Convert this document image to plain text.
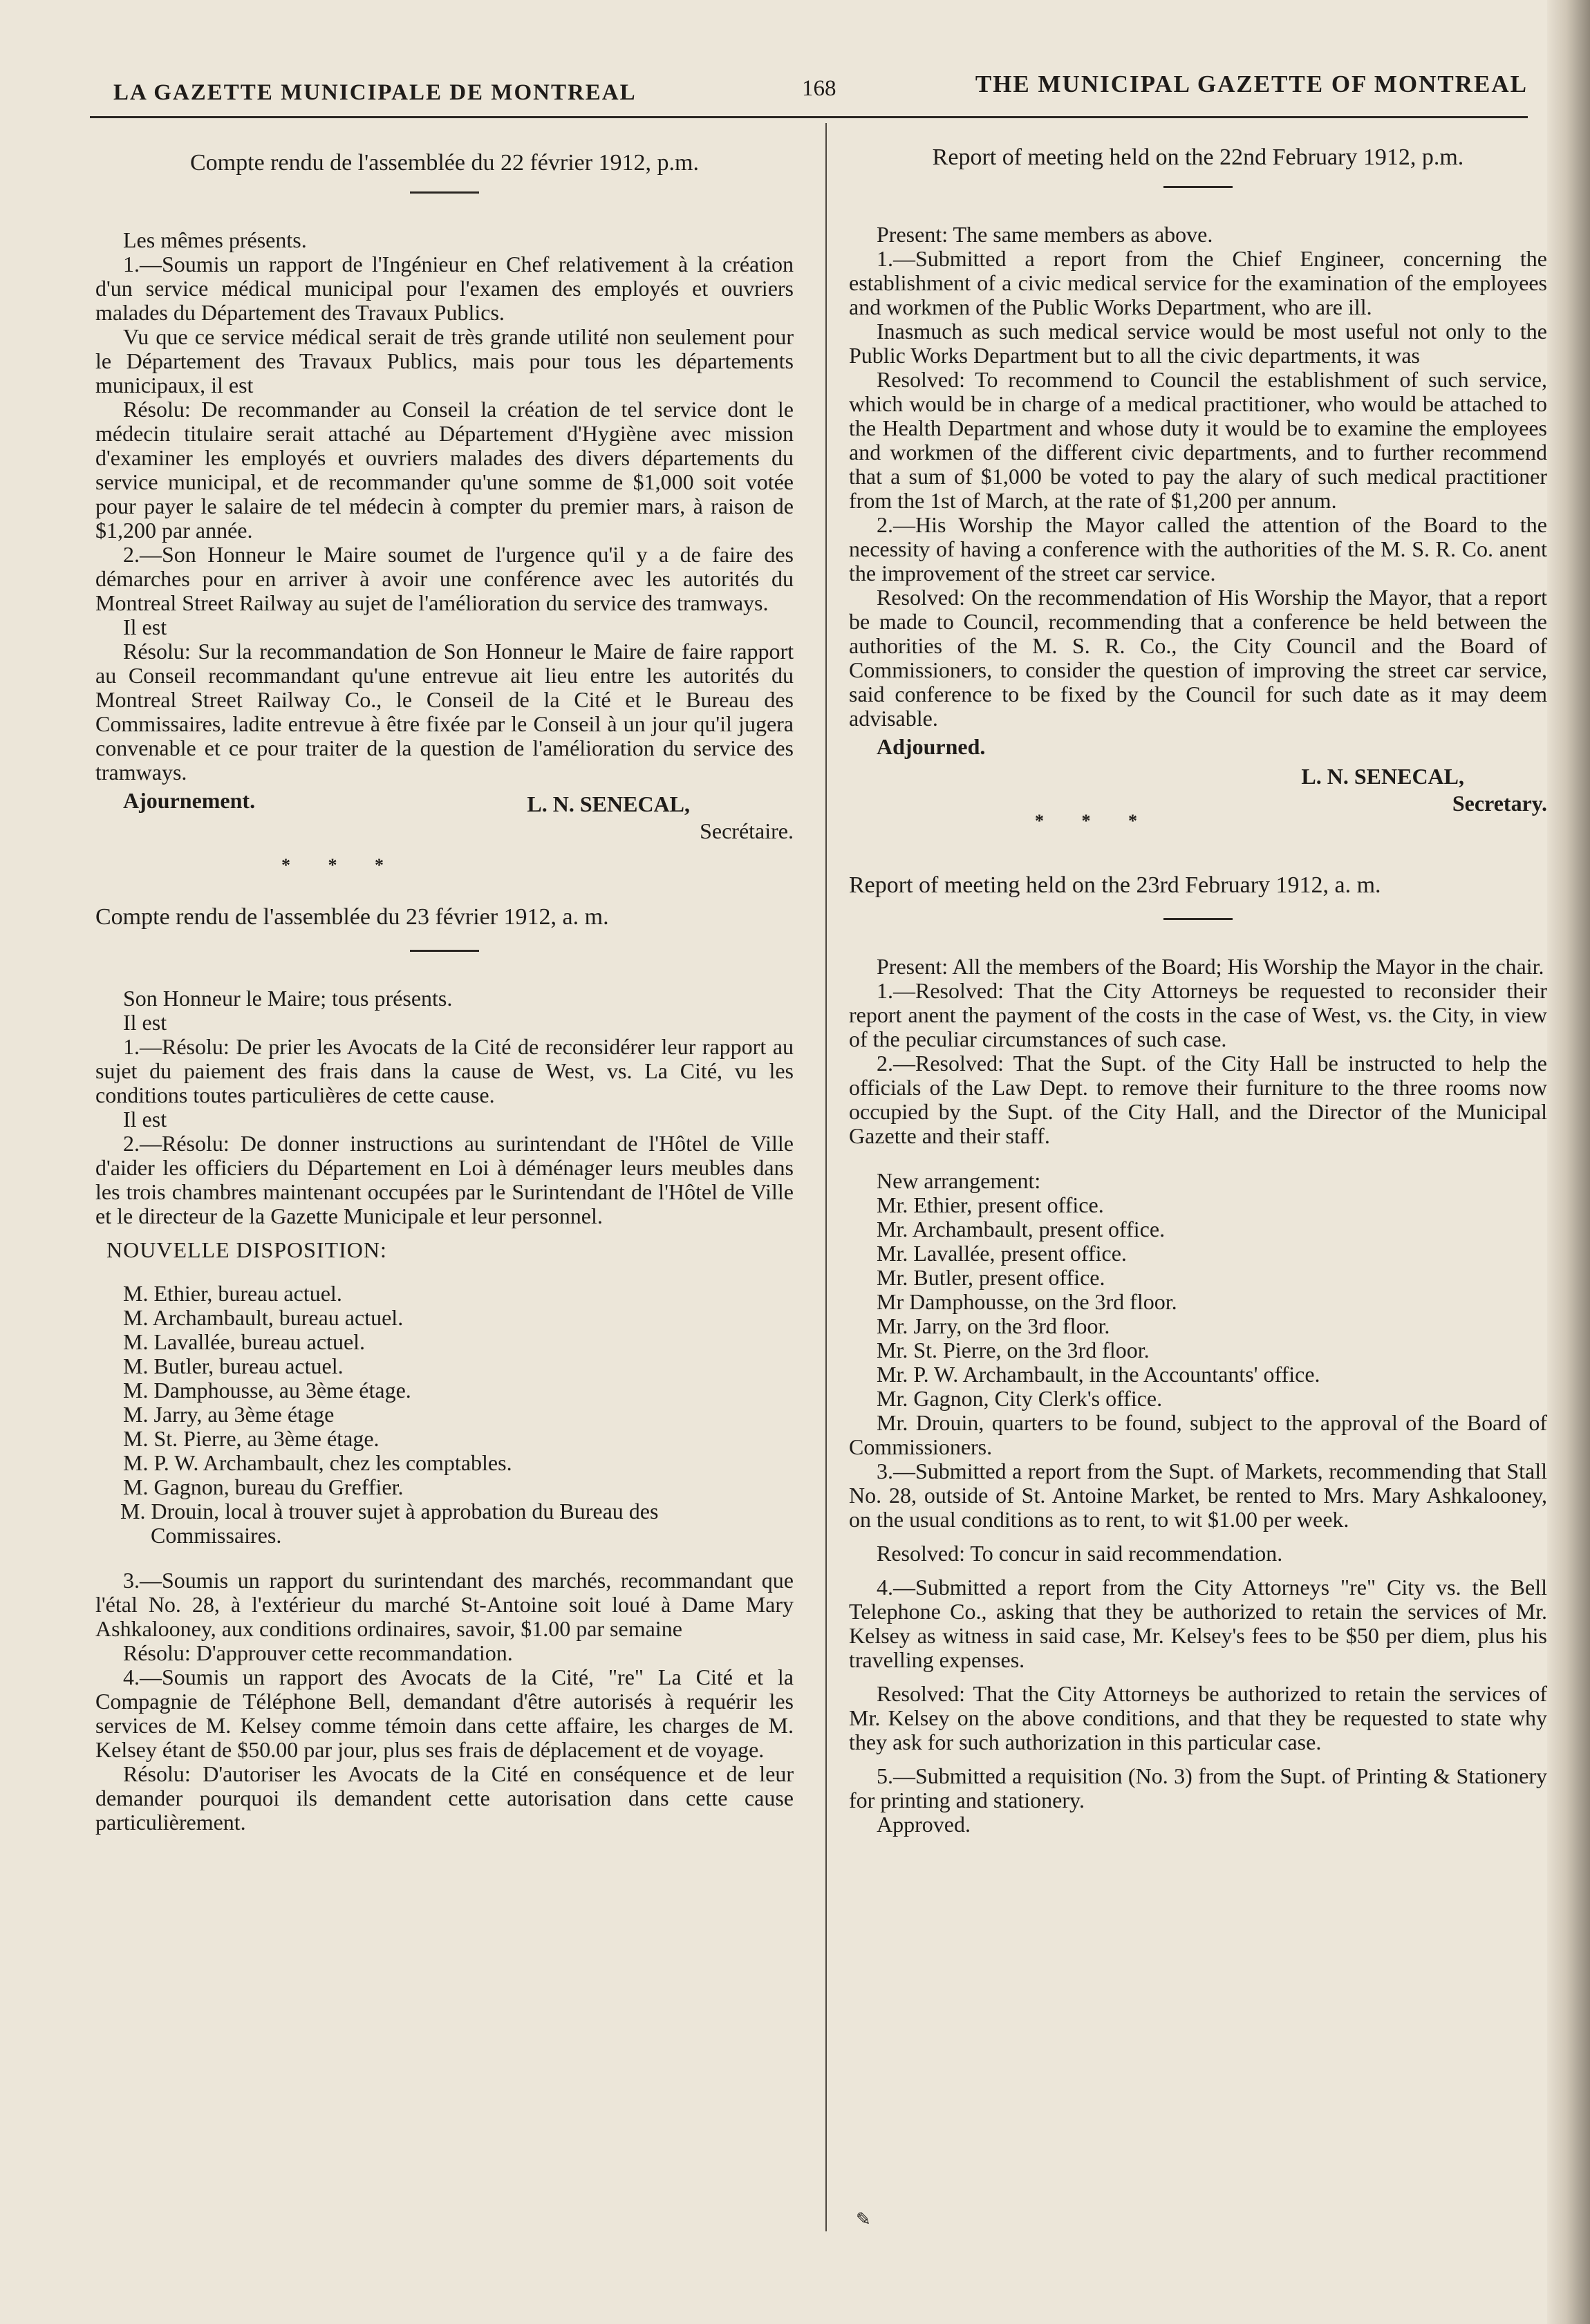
LA GAZETTE MUNICIPALE DE MONTREAL	168	THE MUNICIPAL GAZETTE OF MONTREAL
Compte rendu de l'assemblée du 22 février 1912, p.m.

Les mêmes présents.

1.—Soumis un rapport de l'Ingénieur en Chef relativement à la création d'un service médical municipal pour l'examen des employés et ouvriers malades du Département des Travaux Publics.

Vu que ce service médical serait de très grande utilité non seulement pour le Département des Travaux Publics, mais pour tous les départements municipaux, il est

Résolu: De recommander au Conseil la création de tel service dont le médecin titulaire serait attaché au Département d'Hygiène avec mission d'examiner les employés et ouvriers malades des divers départements du service municipal, et de recommander qu'une somme de $1,000 soit votée pour payer le salaire de tel médecin à compter du premier mars, à raison de $1,200 par année.

2.—Son Honneur le Maire soumet de l'urgence qu'il y a de faire des démarches pour en arriver à avoir une conférence avec les autorités du Montreal Street Railway au sujet de l'amélioration du service des tramways.

Il est

Résolu: Sur la recommandation de Son Honneur le Maire de faire rapport au Conseil recommandant qu'une entrevue ait lieu entre les autorités du Montreal Street Railway Co., le Conseil de la Cité et le Bureau des Commissaires, ladite entrevue à être fixée par le Conseil à un jour qu'il jugera convenable et ce pour traiter de la question de l'amélioration du service des tramways.

Ajournement.	L. N. SENECAL,
Secrétaire.
* * *
Compte rendu de l'assemblée du 23 février 1912, a. m.

Son Honneur le Maire; tous présents.

Il est

1.—Résolu: De prier les Avocats de la Cité de reconsidérer leur rapport au sujet du paiement des frais dans la cause de West, vs. La Cité, vu les conditions toutes particulières de cette cause.

Il est

2.—Résolu: De donner instructions au surintendant de l'Hôtel de Ville d'aider les officiers du Département en Loi à déménager leurs meubles dans les trois chambres maintenant occupées par le Surintendant de l'Hôtel de Ville et le directeur de la Gazette Municipale et leur personnel.

NOUVELLE DISPOSITION:
M. Ethier, bureau actuel.
M. Archambault, bureau actuel.
M. Lavallée, bureau actuel.
M. Butler, bureau actuel.
M. Damphousse, au 3ème étage.
M. Jarry, au 3ème étage
M. St. Pierre, au 3ème étage.
M. P. W. Archambault, chez les comptables.
M. Gagnon, bureau du Greffier.
M. Drouin, local à trouver sujet à approbation du Bureau des Commissaires.

3.—Soumis un rapport du surintendant des marchés, recommandant que l'étal No. 28, à l'extérieur du marché St-Antoine soit loué à Dame Mary Ashkalooney, aux conditions ordinaires, savoir, $1.00 par semaine

Résolu: D'approuver cette recommandation.

4.—Soumis un rapport des Avocats de la Cité, "re" La Cité et la Compagnie de Téléphone Bell, demandant d'être autorisés à requérir les services de M. Kelsey comme témoin dans cette affaire, les charges de M. Kelsey étant de $50.00 par jour, plus ses frais de déplacement et de voyage.

Résolu: D'autoriser les Avocats de la Cité en conséquence et de leur demander pourquoi ils demandent cette autorisation dans cette cause particulièrement.

Report of meeting held on the 22nd February 1912, p.m.

Present: The same members as above.

1.—Submitted a report from the Chief Engineer, concerning the establishment of a civic medical service for the examination of the employees and workmen of the Public Works Department, who are ill.

Inasmuch as such medical service would be most useful not only to the Public Works Department but to all the civic departments, it was

Resolved: To recommend to Council the establishment of such service, which would be in charge of a medical practitioner, who would be attached to the Health Department and whose duty it would be to examine the employees and workmen of the different civic departments, and to further recommend that a sum of $1,000 be voted to pay the alary of such medical practitioner from the 1st of March, at the rate of $1,200 per annum.

2.—His Worship the Mayor called the attention of the Board to the necessity of having a conference with the authorities of the M. S. R. Co. anent the improvement of the street car service.

Resolved: On the recommendation of His Worship the Mayor, that a report be made to Council, recommending that a conference be held between the authorities of the M. S. R. Co., the City Council and the Board of Commissioners, to consider the question of improving the street car service, said conference to be fixed by the Council for such date as it may deem advisable.

Adjourned.
L. N. SENECAL,
Secretary.
* * *
Report of meeting held on the 23rd February 1912, a. m.

Present: All the members of the Board; His Worship the Mayor in the chair.

1.—Resolved: That the City Attorneys be requested to reconsider their report anent the payment of the costs in the case of West, vs. the City, in view of the peculiar circumstances of such case.

2.—Resolved: That the Supt. of the City Hall be instructed to help the officials of the Law Dept. to remove their furniture to the three rooms now occupied by the Supt. of the City Hall, and the Director of the Municipal Gazette and their staff.

New arrangement:
Mr. Ethier, present office.
Mr. Archambault, present office.
Mr. Lavallée, present office.
Mr. Butler, present office.
Mr Damphousse, on the 3rd floor.
Mr. Jarry, on the 3rd floor.
Mr. St. Pierre, on the 3rd floor.
Mr. P. W. Archambault, in the Accountants' office.
Mr. Gagnon, City Clerk's office.

Mr. Drouin, quarters to be found, subject to the approval of the Board of Commissioners.

3.—Submitted a report from the Supt. of Markets, recommending that Stall No. 28, outside of St. Antoine Market, be rented to Mrs. Mary Ashkalooney, on the usual conditions as to rent, to wit $1.00 per week.

Resolved: To concur in said recommendation.

4.—Submitted a report from the City Attorneys "re" City vs. the Bell Telephone Co., asking that they be authorized to retain the services of Mr. Kelsey as witness in said case, Mr. Kelsey's fees to be $50 per diem, plus his travelling expenses.

Resolved: That the City Attorneys be authorized to retain the services of Mr. Kelsey on the above conditions, and that they be requested to state why they ask for such authorization in this particular case.

5.—Submitted a requisition (No. 3) from the Supt. of Printing & Stationery for printing and stationery.

Approved.
✎
